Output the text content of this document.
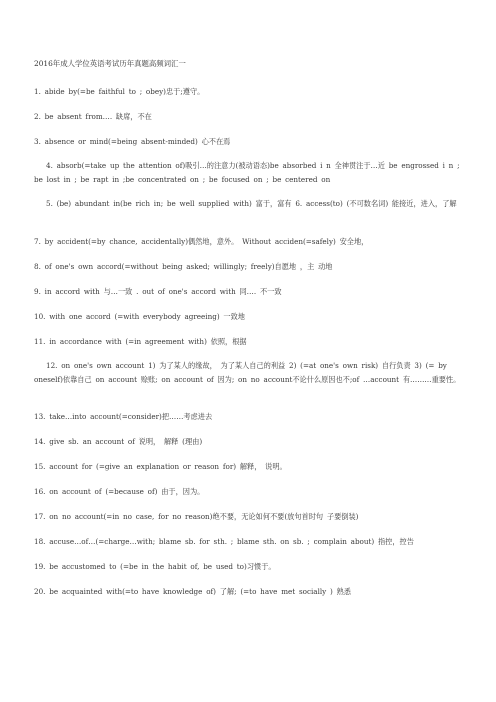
2016年成人学位英语考试历年真题高频词汇一

1. abide by(=be faithful to ; obey)忠于;遵守。

2. be absent from…. 缺席，不在

3. absence or mind(=being absent-minded) 心不在焉

4. absorb(=take up the attention of)吸引…的注意力(被动语态)be absorbed i n 全神贯注于…近 be engrossed i n ; be lost in ; be rapt in ;be concentrated on ; be focused on ; be centered on

5. (be) abundant in(be rich in; be well supplied with) 富于，富有 6. access(to) (不可数名词) 能接近，进入，了解

7. by accident(=by chance, accidentally)偶然地，意外。 Without acciden(=safely) 安全地，

8. of one's own accord(=without being asked; willingly; freely)自愿地 ，主 动地

9. in accord with 与…一致 . out of one's accord with 同…. 不一致

10. with one accord (=with everybody agreeing) 一致地

11. in accordance with (=in agreement with) 依照，根据

12. on one's own account 1) 为了某人的缘故， 为了某人自己的利益 2) (=at one's own risk) 自行负责 3) (= by oneself)依靠自己 on account 赊账; on account of 因为; on no account不论什么原因也不;of …account 有………重要性。

13. take…into account(=consider)把……考虑进去

14. give sb. an account of 说明， 解释 (理由)

15. account for (=give an explanation or reason for) 解释， 说明。

16. on account of (=because of) 由于，因为。

17. on no account(=in no case, for no reason)绝不要，无论如何不要(放句首时句 子要倒装)

18. accuse…of…(=charge…with; blame sb. for sth. ; blame sth. on sb. ; complain about) 指控，控告

19. be accustomed to (=be in the habit of, be used to)习惯于。

20. be acquainted with(=to have knowledge of) 了解; (=to have met socially ) 熟悉
